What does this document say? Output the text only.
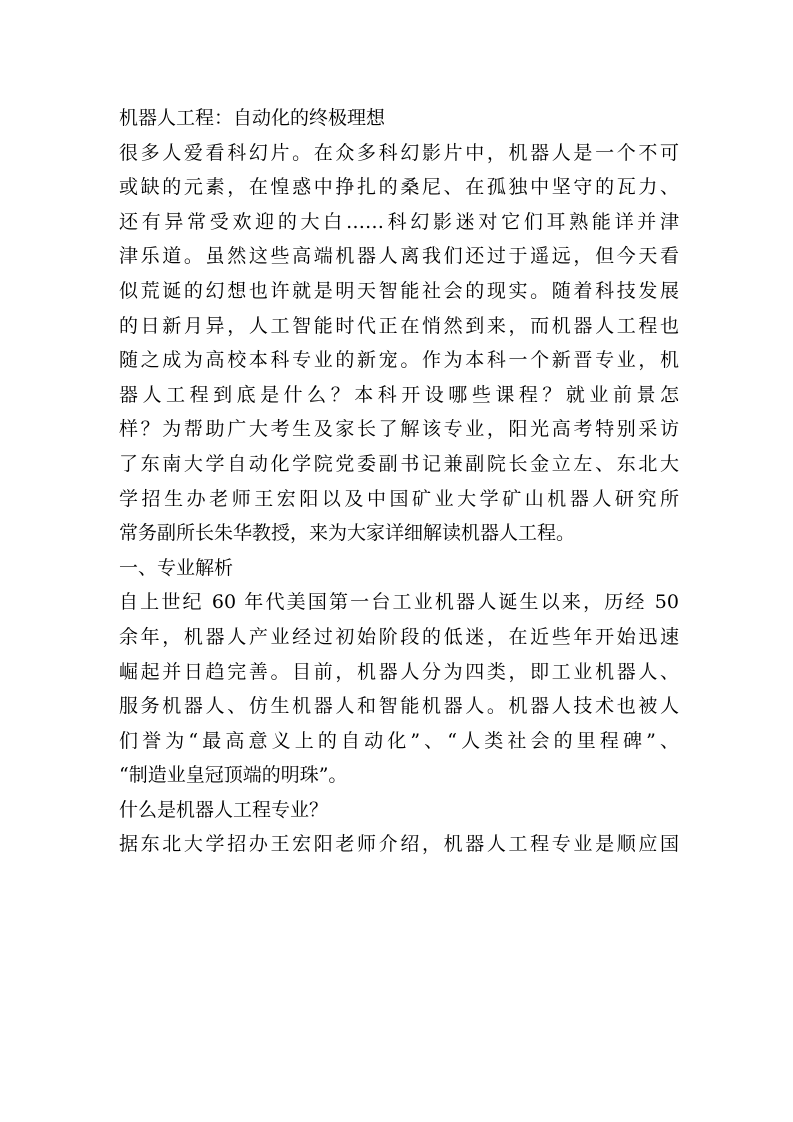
机器人工程：自动化的终极理想
很多人爱看科幻片。在众多科幻影片中，机器人是一个不可
或缺的元素，在惶惑中挣扎的桑尼、在孤独中坚守的瓦力、
还有异常受欢迎的大白……科幻影迷对它们耳熟能详并津
津乐道。虽然这些高端机器人离我们还过于遥远，但今天看
似荒诞的幻想也许就是明天智能社会的现实。随着科技发展
的日新月异，人工智能时代正在悄然到来，而机器人工程也
随之成为高校本科专业的新宠。作为本科一个新晋专业，机
器人工程到底是什么？本科开设哪些课程？就业前景怎
样？为帮助广大考生及家长了解该专业，阳光高考特别采访
了东南大学自动化学院党委副书记兼副院长金立左、东北大
学招生办老师王宏阳以及中国矿业大学矿山机器人研究所
常务副所长朱华教授，来为大家详细解读机器人工程。
一、专业解析
自上世纪 60 年代美国第一台工业机器人诞生以来，历经 50
余年，机器人产业经过初始阶段的低迷，在近些年开始迅速
崛起并日趋完善。目前，机器人分为四类，即工业机器人、
服务机器人、仿生机器人和智能机器人。机器人技术也被人
们誉为“最高意义上的自动化”、“人类社会的里程碑”、
“制造业皇冠顶端的明珠”。
什么是机器人工程专业？
据东北大学招办王宏阳老师介绍，机器人工程专业是顺应国
